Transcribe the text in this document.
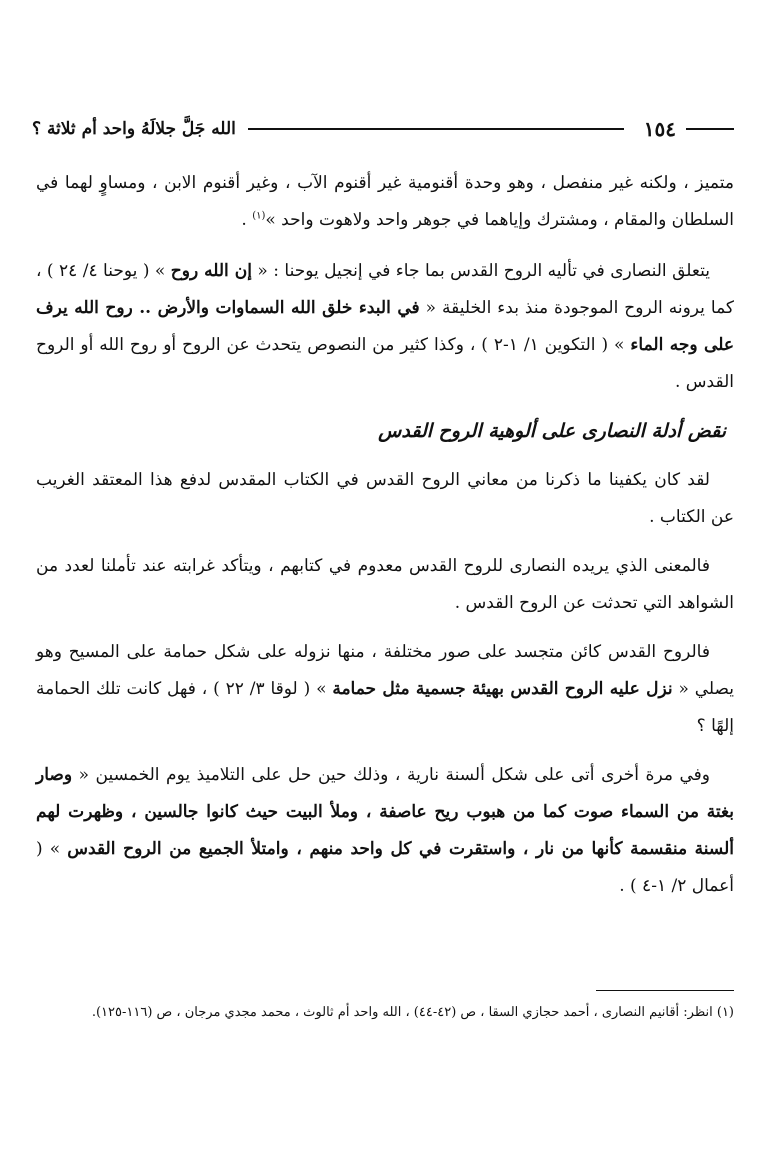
١٥٤
الله جَلَّ جلالَهُ واحد أم ثلاثة ؟

متميز ، ولكنه غير منفصل ، وهو وحدة أقنومية غير أقنوم الآب ، وغير أقنوم الابن ، ومساوٍ لهما في السلطان والمقام ، ومشترك وإياهما في جوهر واحد ولاهوت واحد »$^{(١)}$ .

يتعلق النصارى في تأليه الروح القدس بما جاء في إنجيل يوحنا : « إن الله روح » ( يوحنا ٤/ ٢٤ ) ، كما يرونه الروح الموجودة منذ بدء الخليقة « في البدء خلق الله السماوات والأرض .. روح الله يرف على وجه الماء » ( التكوين ١/ ١-٢ ) ، وكذا كثير من النصوص يتحدث عن الروح أو روح الله أو الروح القدس .

نقض أدلة النصارى على ألوهية الروح القدس

لقد كان يكفينا ما ذكرنا من معاني الروح القدس في الكتاب المقدس لدفع هذا المعتقد الغريب عن الكتاب .

فالمعنى الذي يريده النصارى للروح القدس معدوم في كتابهم ، ويتأكد غرابته عند تأملنا لعدد من الشواهد التي تحدثت عن الروح القدس .

فالروح القدس كائن متجسد على صور مختلفة ، منها نزوله على شكل حمامة على المسيح وهو يصلي « نزل عليه الروح القدس بهيئة جسمية مثل حمامة » ( لوقا ٣/ ٢٢ ) ، فهل كانت تلك الحمامة إلهًا ؟

وفي مرة أخرى أتى على شكل ألسنة نارية ، وذلك حين حل على التلاميذ يوم الخمسين « وصار بغتة من السماء صوت كما من هبوب ريح عاصفة ، وملأ البيت حيث كانوا جالسين ، وظهرت لهم ألسنة منقسمة كأنها من نار ، واستقرت في كل واحد منهم ، وامتلأ الجميع من الروح القدس » ( أعمال ٢/ ١-٤ ) .

(١) انظر: أقانيم النصارى ، أحمد حجازي السقا ، ص (٤٢-٤٤) ، الله واحد أم ثالوث ، محمد مجدي مرجان ، ص (١١٦-١٢٥).
